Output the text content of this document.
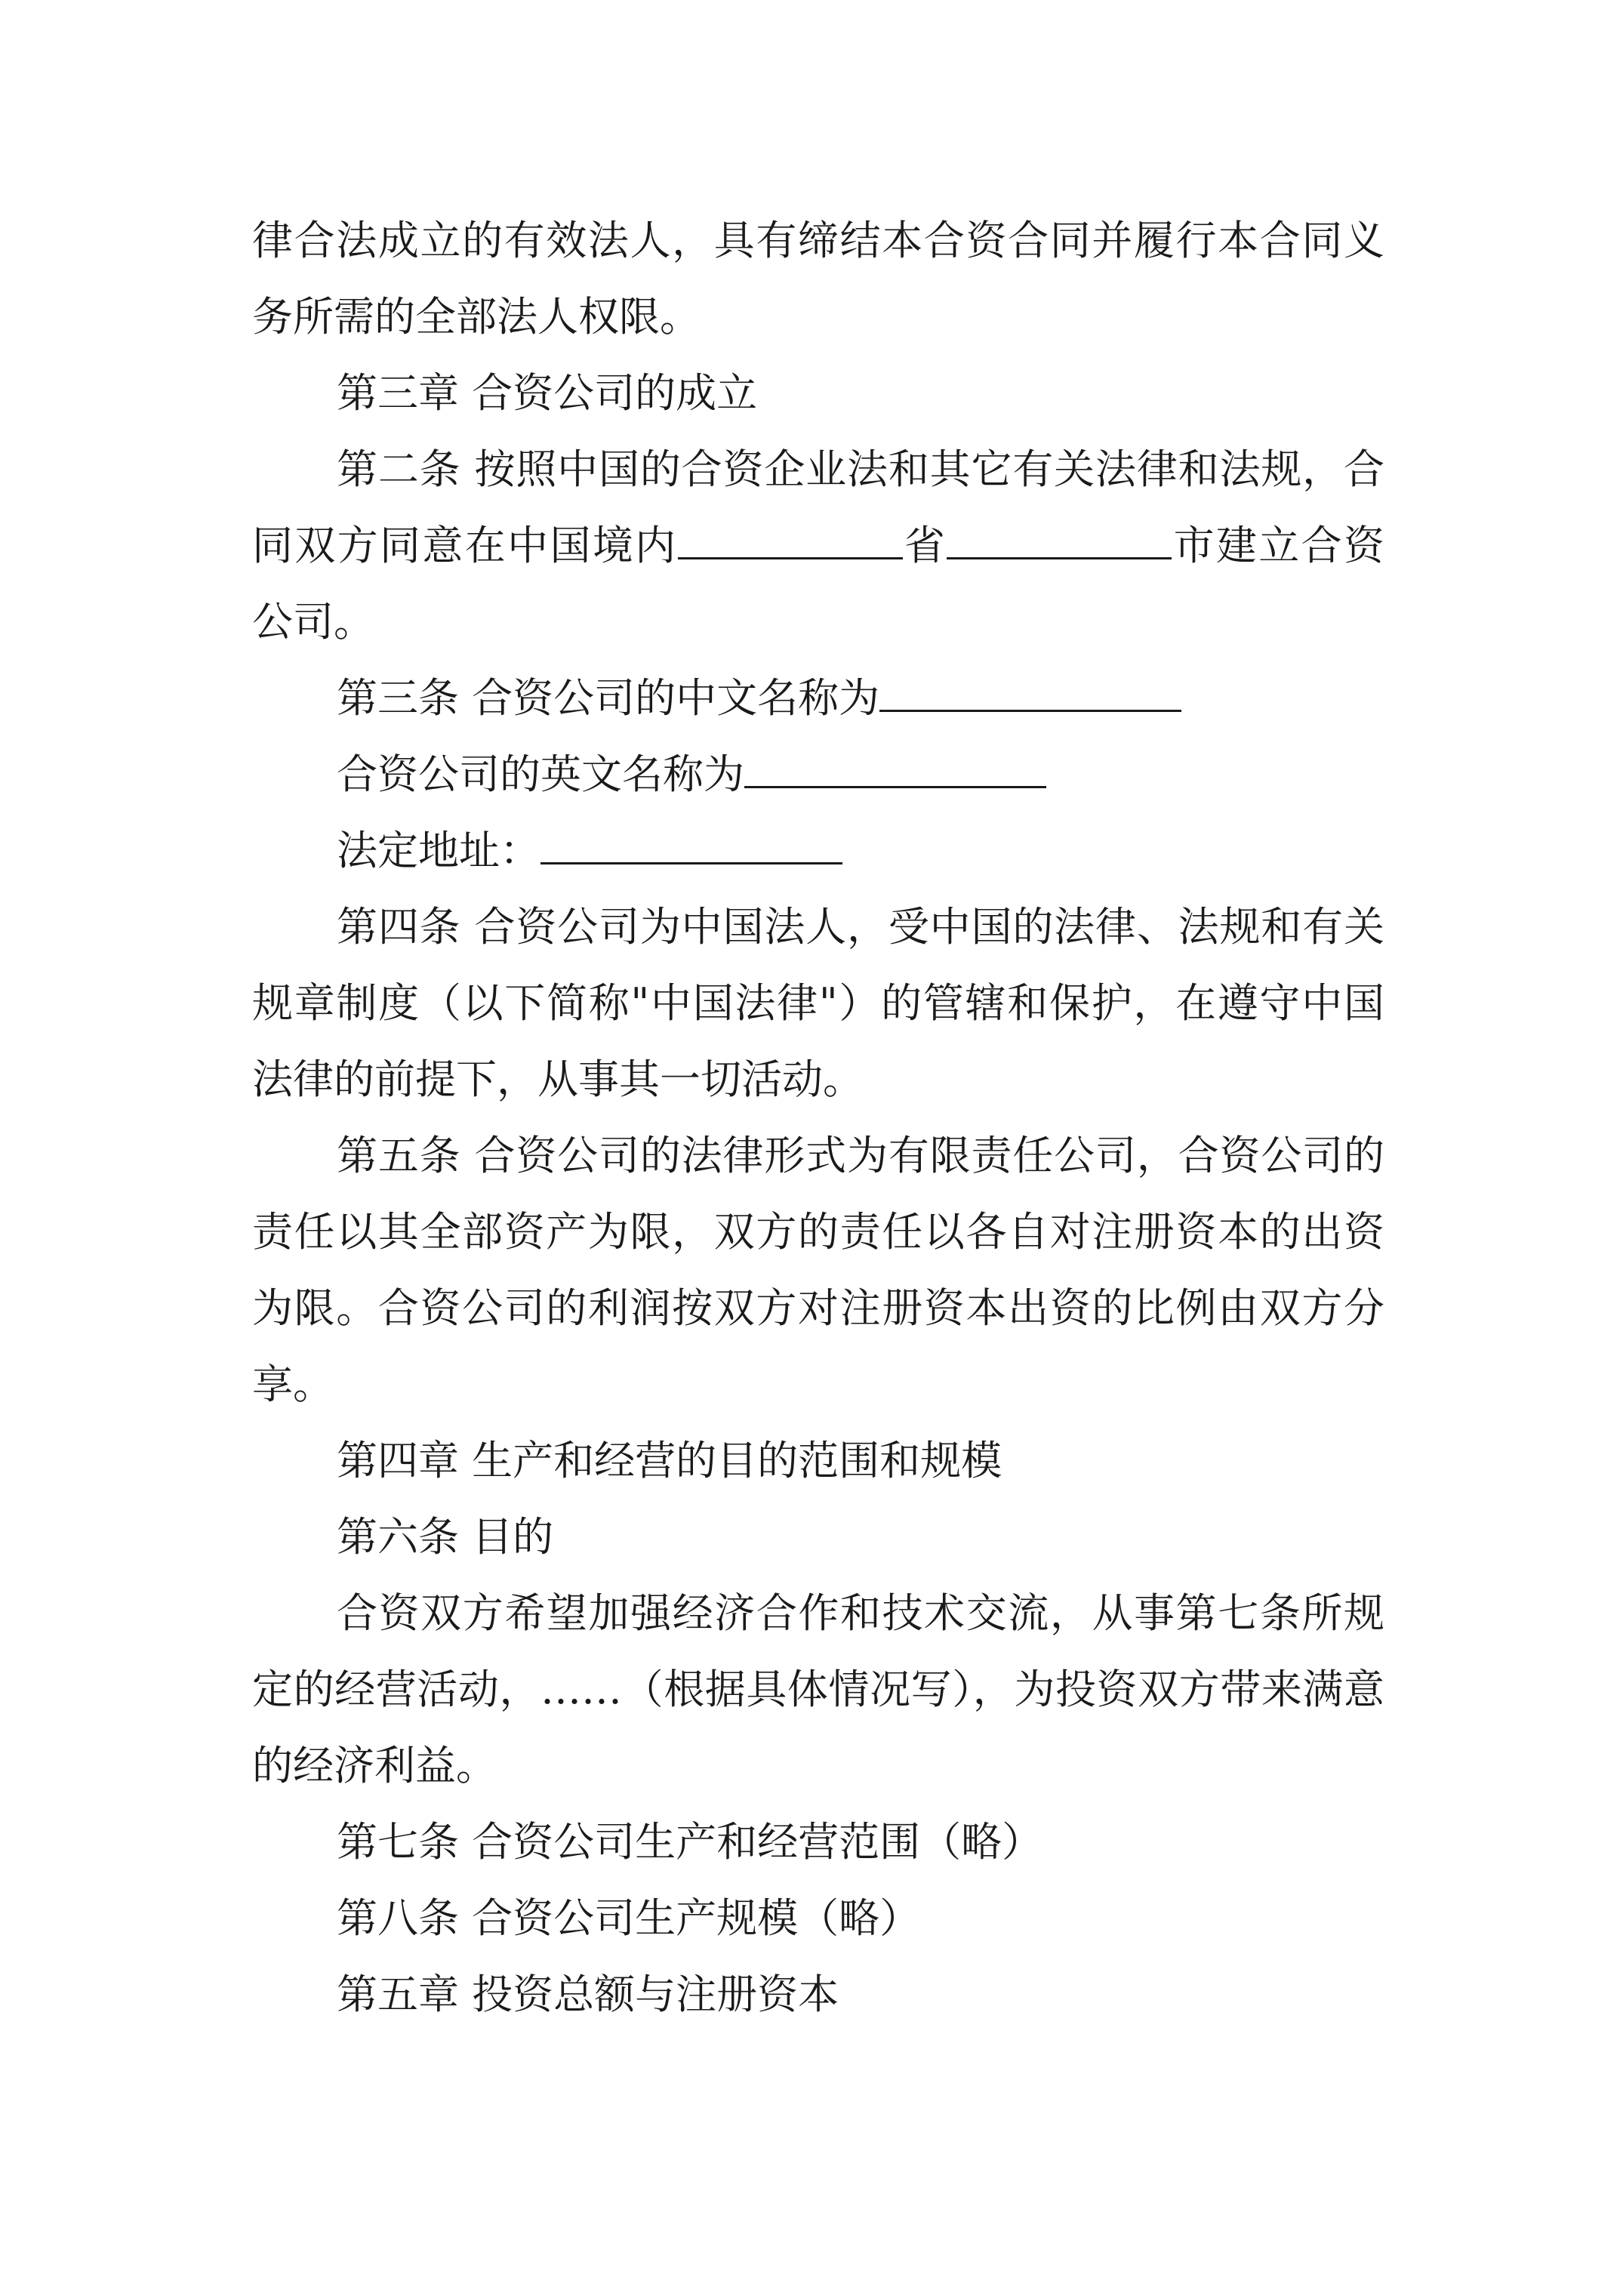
律合法成立的有效法人，具有缔结本合资合同并履行本合同义务所需的全部法人权限。

第三章 合资公司的成立

第二条 按照中国的合资企业法和其它有关法律和法规，合同双方同意在中国境内	省	市建立合资公司。

第三条 合资公司的中文名称为

合资公司的英文名称为

法定地址：

第四条 合资公司为中国法人，受中国的法律、法规和有关规章制度（以下简称"中国法律"）的管辖和保护，在遵守中国法律的前提下，从事其一切活动。

第五条 合资公司的法律形式为有限责任公司，合资公司的责任以其全部资产为限，双方的责任以各自对注册资本的出资为限。合资公司的利润按双方对注册资本出资的比例由双方分享。

第四章 生产和经营的目的范围和规模

第六条 目的

合资双方希望加强经济合作和技术交流，从事第七条所规定的经营活动，……（根据具体情况写），为投资双方带来满意的经济利益。

第七条 合资公司生产和经营范围（略）

第八条 合资公司生产规模（略）

第五章 投资总额与注册资本
